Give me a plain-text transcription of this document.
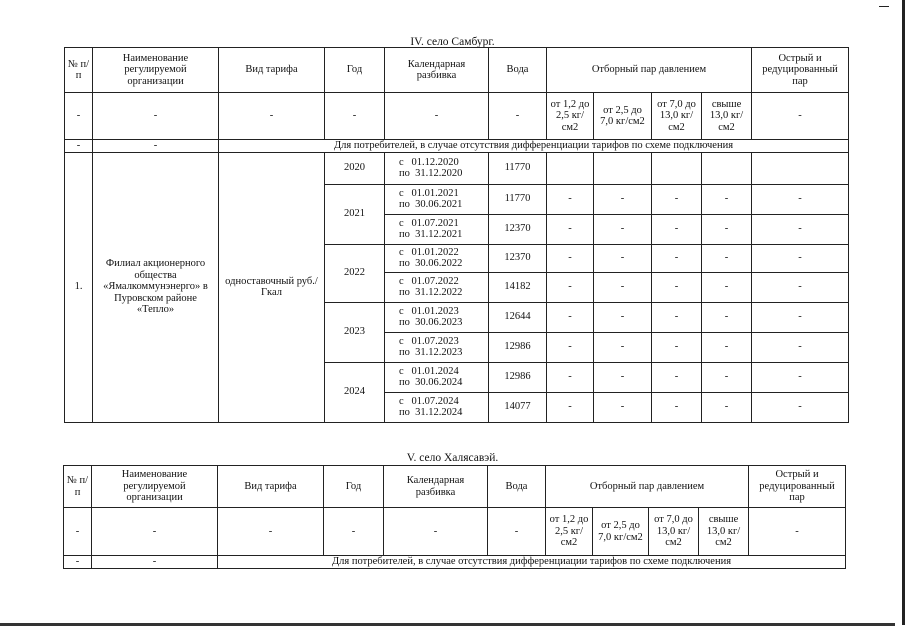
IV. село Самбург.
№ п/п	Наименование регулируемой организации	Вид тарифа	Год	Календарная разбивка	Вода	Отборный пар давлением				Острый и редуцированный пар
-	-	-	-	-	-	от 1,2 до 2,5 кг/см2	от 2,5 до 7,0 кг/см2	от 7,0 до 13,0 кг/см2	свыше 13,0 кг/см2	-
-	-	Для потребителей, в случае отсутствия дифференциации тарифов по схеме подключения								
1.	Филиал акционерного общества «Ямалкоммунэнерго» в Пуровском районе «Тепло»	одноставочный руб./Гкал	2020	с   01.12.2020
по  31.12.2020	11770					
			2021	с   01.01.2021
по  30.06.2021	11770	-	-	-	-	-
				с   01.07.2021
по  31.12.2021	12370	-	-	-	-	-
			2022	с   01.01.2022
по  30.06.2022	12370	-	-	-	-	-
				с   01.07.2022
по  31.12.2022	14182	-	-	-	-	-
			2023	с   01.01.2023
по  30.06.2023	12644	-	-	-	-	-
				с   01.07.2023
по  31.12.2023	12986	-	-	-	-	-
			2024	с   01.01.2024
по  30.06.2024	12986	-	-	-	-	-
				с   01.07.2024
по  31.12.2024	14077	-	-	-	-	-
V. село Халясавэй.
№ п/п	Наименование регулируемой организации	Вид тарифа	Год	Календарная разбивка	Вода	Отборный пар давлением				Острый и редуцированный пар
-	-	-	-	-	-	от 1,2 до 2,5 кг/см2	от 2,5 до 7,0 кг/см2	от 7,0 до 13,0 кг/см2	свыше 13,0 кг/см2	-
-	-	Для потребителей, в случае отсутствия дифференциации тарифов по схеме подключения								
